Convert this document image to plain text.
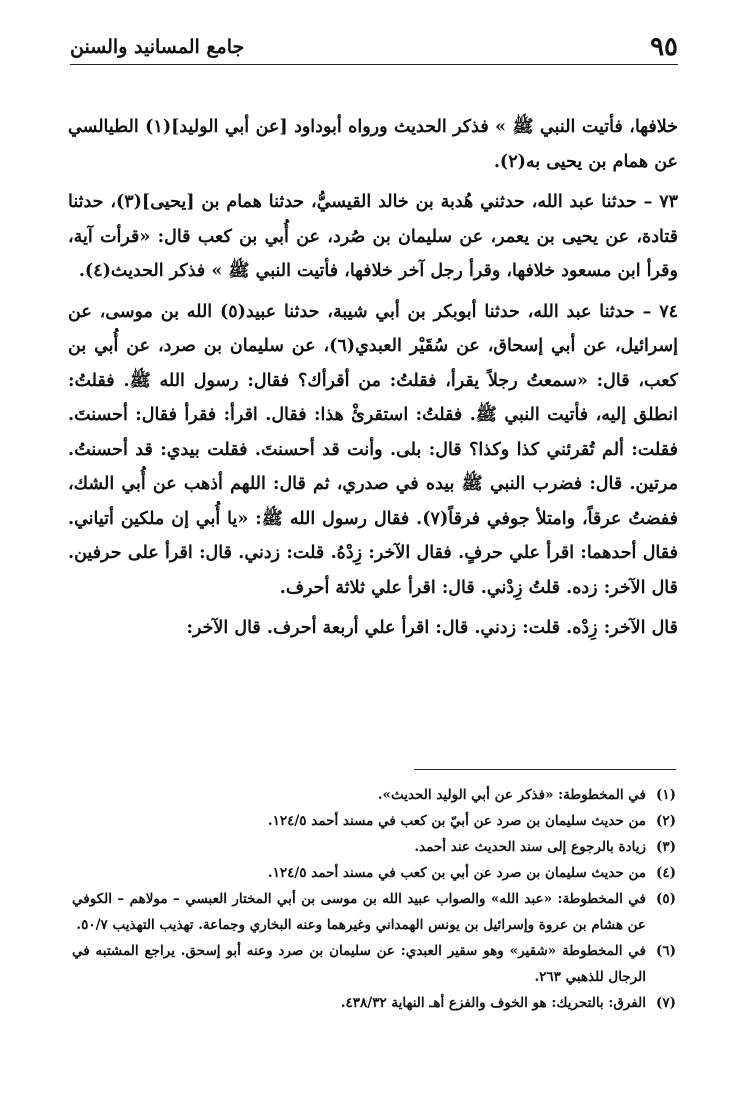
٩٥
جامع المسانيد والسنن

خلافها، فأتيت النبي ﷺ » فذكر الحديث ورواه أبوداود [عن أبي الوليد](١) الطيالسي عن همام بن يحيى به(٢).

٧٣ – حدثنا عبد الله، حدثني هُدبة بن خالد القيسيُّ، حدثنا همام بن [يحيى](٣)، حدثنا قتادة، عن يحيى بن يعمر، عن سليمان بن صُرد، عن أُبي بن كعب قال: «قرأت آية، وقرأ ابن مسعود خلافها، وقرأ رجل آخر خلافها، فأتيت النبي ﷺ » فذكر الحديث(٤).

٧٤ – حدثنا عبد الله، حدثنا أبوبكر بن أبي شيبة، حدثنا عبيد(٥) الله بن موسى، عن إسرائيل، عن أبي إسحاق، عن سُقَيْر العبدي(٦)، عن سليمان بن صرد، عن أُبي بن كعب، قال: «سمعتُ رجلاً يقرأ، فقلتُ: من أقرأك؟ فقال: رسول الله ﷺ. فقلتُ: انطلق إليه، فأتيت النبي ﷺ. فقلتُ: استقرئْ هذا: فقال. اقرأ: فقرأ فقال: أحسنتَ. فقلت: ألم تُقرئني كذا وكذا؟ قال: بلى. وأنت قد أحسنتَ. فقلت بيدي: قد أحسنتُ. مرتين. قال: فضرب النبي ﷺ بيده في صدري، ثم قال: اللهم أذهب عن أُبي الشك، ففضتُ عرقاً، وامتلأ جوفي فرقاً(٧). فقال رسول الله ﷺ: «يا أُبي إن ملكين أتياني. فقال أحدهما: اقرأ علي حرفٍ. فقال الآخر: زِدْهُ. قلت: زدني. قال: اقرأ على حرفين. قال الآخر: زده. قلتُ زِدْني. قال: اقرأ علي ثلاثة أحرف.

قال الآخر: زِدْه. قلت: زدني. قال: اقرأ علي أربعة أحرف. قال الآخر:

(١)
في المخطوطة: «فذكر عن أبي الوليد الحديث».
(٢)
من حديث سليمان بن صرد عن أبيّ بن كعب في مسند أحمد ١٢٤/٥.
(٣)
زيادة بالرجوع إلى سند الحديث عند أحمد.
(٤)
من حديث سليمان بن صرد عن أبي بن كعب في مسند أحمد ١٢٤/٥.
(٥)
في المخطوطة: «عبد الله» والصواب عبيد الله بن موسى بن أبي المختار العبسي – مولاهم – الكوفي عن هشام بن عروة وإسرائيل بن يونس الهمداني وغيرهما وعنه البخاري وجماعة. تهذيب التهذيب ٥٠/٧.
(٦)
في المخطوطة «شقير» وهو سقير العبدي: عن سليمان بن صرد وعنه أبو إسحق. يراجع المشتبه في الرجال للذهبي ٢٦٣.
(٧)
الفرق: بالتحريك: هو الخوف والفزع أهـ النهاية ٤٣٨/٣٢.
